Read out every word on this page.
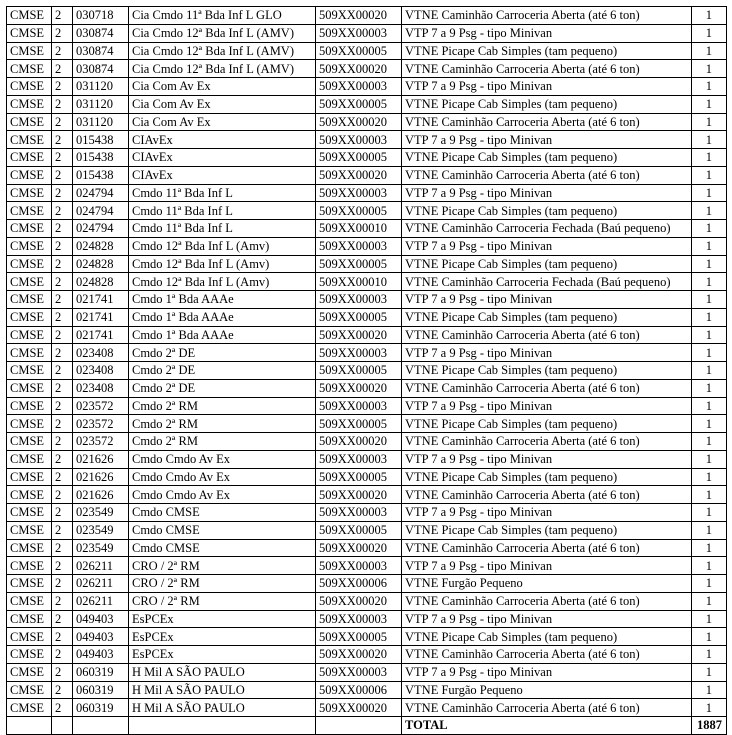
CMSE	2	030718	Cia Cmdo 11ª Bda Inf L GLO	509XX00020	VTNE Caminhão Carroceria Aberta (até 6 ton)	1
CMSE	2	030874	Cia Cmdo 12ª Bda Inf L (AMV)	509XX00003	VTP 7 a 9 Psg - tipo Minivan	1
CMSE	2	030874	Cia Cmdo 12ª Bda Inf L (AMV)	509XX00005	VTNE Picape Cab Simples (tam pequeno)	1
CMSE	2	030874	Cia Cmdo 12ª Bda Inf L (AMV)	509XX00020	VTNE Caminhão Carroceria Aberta (até 6 ton)	1
CMSE	2	031120	Cia Com Av Ex	509XX00003	VTP 7 a 9 Psg - tipo Minivan	1
CMSE	2	031120	Cia Com Av Ex	509XX00005	VTNE Picape Cab Simples (tam pequeno)	1
CMSE	2	031120	Cia Com Av Ex	509XX00020	VTNE Caminhão Carroceria Aberta (até 6 ton)	1
CMSE	2	015438	CIAvEx	509XX00003	VTP 7 a 9 Psg - tipo Minivan	1
CMSE	2	015438	CIAvEx	509XX00005	VTNE Picape Cab Simples (tam pequeno)	1
CMSE	2	015438	CIAvEx	509XX00020	VTNE Caminhão Carroceria Aberta (até 6 ton)	1
CMSE	2	024794	Cmdo 11ª Bda Inf L	509XX00003	VTP 7 a 9 Psg - tipo Minivan	1
CMSE	2	024794	Cmdo 11ª Bda Inf L	509XX00005	VTNE Picape Cab Simples (tam pequeno)	1
CMSE	2	024794	Cmdo 11ª Bda Inf L	509XX00010	VTNE Caminhão Carroceria Fechada (Baú pequeno)	1
CMSE	2	024828	Cmdo 12ª Bda Inf L (Amv)	509XX00003	VTP 7 a 9 Psg - tipo Minivan	1
CMSE	2	024828	Cmdo 12ª Bda Inf L (Amv)	509XX00005	VTNE Picape Cab Simples (tam pequeno)	1
CMSE	2	024828	Cmdo 12ª Bda Inf L (Amv)	509XX00010	VTNE Caminhão Carroceria Fechada (Baú pequeno)	1
CMSE	2	021741	Cmdo 1ª Bda AAAe	509XX00003	VTP 7 a 9 Psg - tipo Minivan	1
CMSE	2	021741	Cmdo 1ª Bda AAAe	509XX00005	VTNE Picape Cab Simples (tam pequeno)	1
CMSE	2	021741	Cmdo 1ª Bda AAAe	509XX00020	VTNE Caminhão Carroceria Aberta (até 6 ton)	1
CMSE	2	023408	Cmdo 2ª DE	509XX00003	VTP 7 a 9 Psg - tipo Minivan	1
CMSE	2	023408	Cmdo 2ª DE	509XX00005	VTNE Picape Cab Simples (tam pequeno)	1
CMSE	2	023408	Cmdo 2ª DE	509XX00020	VTNE Caminhão Carroceria Aberta (até 6 ton)	1
CMSE	2	023572	Cmdo 2ª RM	509XX00003	VTP 7 a 9 Psg - tipo Minivan	1
CMSE	2	023572	Cmdo 2ª RM	509XX00005	VTNE Picape Cab Simples (tam pequeno)	1
CMSE	2	023572	Cmdo 2ª RM	509XX00020	VTNE Caminhão Carroceria Aberta (até 6 ton)	1
CMSE	2	021626	Cmdo Cmdo Av Ex	509XX00003	VTP 7 a 9 Psg - tipo Minivan	1
CMSE	2	021626	Cmdo Cmdo Av Ex	509XX00005	VTNE Picape Cab Simples (tam pequeno)	1
CMSE	2	021626	Cmdo Cmdo Av Ex	509XX00020	VTNE Caminhão Carroceria Aberta (até 6 ton)	1
CMSE	2	023549	Cmdo CMSE	509XX00003	VTP 7 a 9 Psg - tipo Minivan	1
CMSE	2	023549	Cmdo CMSE	509XX00005	VTNE Picape Cab Simples (tam pequeno)	1
CMSE	2	023549	Cmdo CMSE	509XX00020	VTNE Caminhão Carroceria Aberta (até 6 ton)	1
CMSE	2	026211	CRO / 2ª RM	509XX00003	VTP 7 a 9 Psg - tipo Minivan	1
CMSE	2	026211	CRO / 2ª RM	509XX00006	VTNE Furgão Pequeno	1
CMSE	2	026211	CRO / 2ª RM	509XX00020	VTNE Caminhão Carroceria Aberta (até 6 ton)	1
CMSE	2	049403	EsPCEx	509XX00003	VTP 7 a 9 Psg - tipo Minivan	1
CMSE	2	049403	EsPCEx	509XX00005	VTNE Picape Cab Simples (tam pequeno)	1
CMSE	2	049403	EsPCEx	509XX00020	VTNE Caminhão Carroceria Aberta (até 6 ton)	1
CMSE	2	060319	H Mil A SÃO PAULO	509XX00003	VTP 7 a 9 Psg - tipo Minivan	1
CMSE	2	060319	H Mil A SÃO PAULO	509XX00006	VTNE Furgão Pequeno	1
CMSE	2	060319	H Mil A SÃO PAULO	509XX00020	VTNE Caminhão Carroceria Aberta (até 6 ton)	1
					TOTAL	1887
